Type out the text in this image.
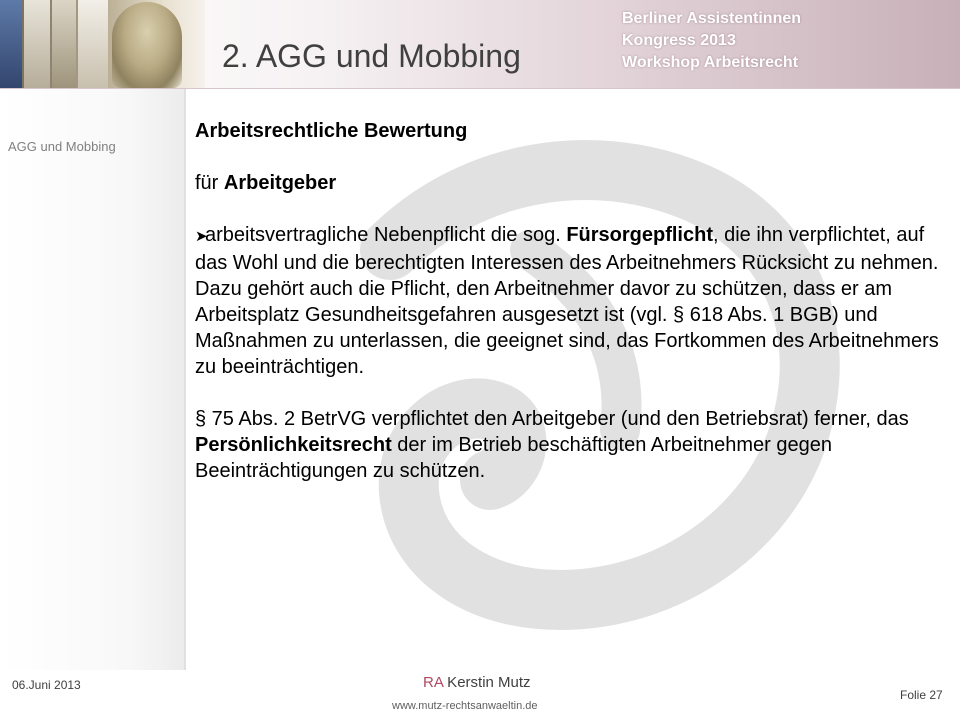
2. AGG und Mobbing
Berliner Assistentinnen
Kongress 2013
Workshop Arbeitsrecht
AGG und Mobbing

Arbeitsrechtliche Bewertung

für Arbeitgeber

➤arbeitsvertragliche Nebenpflicht die sog. Fürsorgepflicht, die ihn verpflichtet, auf das Wohl und die berechtigten Interessen des Arbeitnehmers Rücksicht zu nehmen.

Dazu gehört auch die Pflicht, den Arbeitnehmer davor zu schützen, dass er am Arbeitsplatz Gesundheitsgefahren ausgesetzt ist (vgl. § 618 Abs. 1 BGB) und Maßnahmen zu unterlassen, die geeignet sind, das Fortkommen des Arbeitnehmers zu beeinträchtigen.

§ 75 Abs. 2 BetrVG verpflichtet den Arbeitgeber (und den Betriebsrat) ferner, das Persönlichkeitsrecht der im Betrieb beschäftigten Arbeitnehmer gegen Beeinträchtigungen zu schützen.

06.Juni 2013	RA Kerstin Mutz
www.mutz-rechtsanwaeltin.de
Folie 27
